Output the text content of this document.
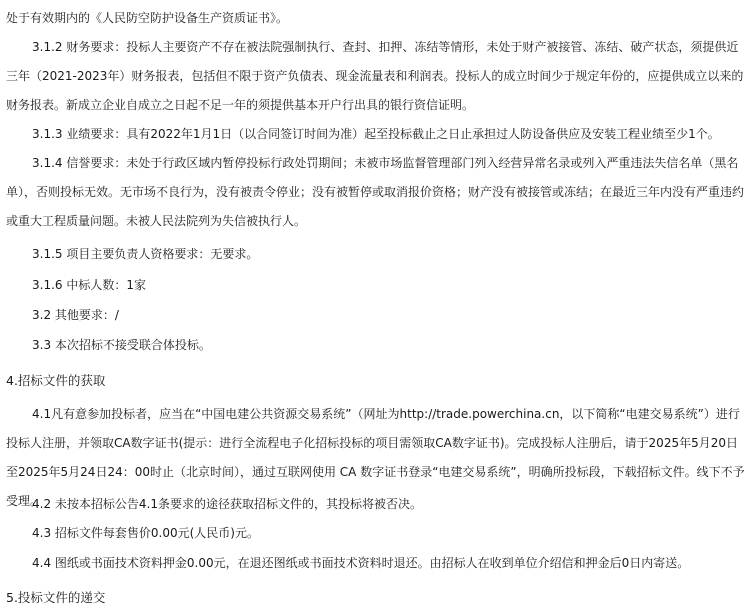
处于有效期内的《人民防空防护设备生产资质证书》。
3.1.2 财务要求：投标人主要资产不存在被法院强制执行、查封、扣押、冻结等情形，未处于财产被接管、冻结、破产状态，须提供近三年（2021-2023年）财务报表，包括但不限于资产负债表、现金流量表和利润表。投标人的成立时间少于规定年份的，应提供成立以来的财务报表。新成立企业自成立之日起不足一年的须提供基本开户行出具的银行资信证明。
3.1.3 业绩要求：具有2022年1月1日（以合同签订时间为准）起至投标截止之日止承担过人防设备供应及安装工程业绩至少1个。
3.1.4 信誉要求：未处于行政区域内暂停投标行政处罚期间；未被市场监督管理部门列入经营异常名录或列入严重违法失信名单（黑名单），否则投标无效。无市场不良行为，没有被责令停业；没有被暂停或取消报价资格；财产没有被接管或冻结；在最近三年内没有严重违约或重大工程质量问题。未被人民法院列为失信被执行人。
3.1.5 项目主要负责人资格要求：无要求。
3.1.6 中标人数：1家
3.2 其他要求：/
3.3 本次招标不接受联合体投标。
4.招标文件的获取
4.1凡有意参加投标者，应当在“中国电建公共资源交易系统”（网址为http://trade.powerchina.cn，以下简称“电建交易系统”）进行投标人注册，并领取CA数字证书(提示：进行全流程电子化招标投标的项目需领取CA数字证书)。完成投标人注册后，请于2025年5月20日至2025年5月24日24：00时止（北京时间），通过互联网使用 CA 数字证书登录“电建交易系统”，明确所投标段，下载招标文件。线下不予受理。
4.2 未按本招标公告4.1条要求的途径获取招标文件的，其投标将被否决。
4.3 招标文件每套售价0.00元(人民币)元。
4.4 图纸或书面技术资料押金0.00元，在退还图纸或书面技术资料时退还。由招标人在收到单位介绍信和押金后0日内寄送。
5.投标文件的递交
